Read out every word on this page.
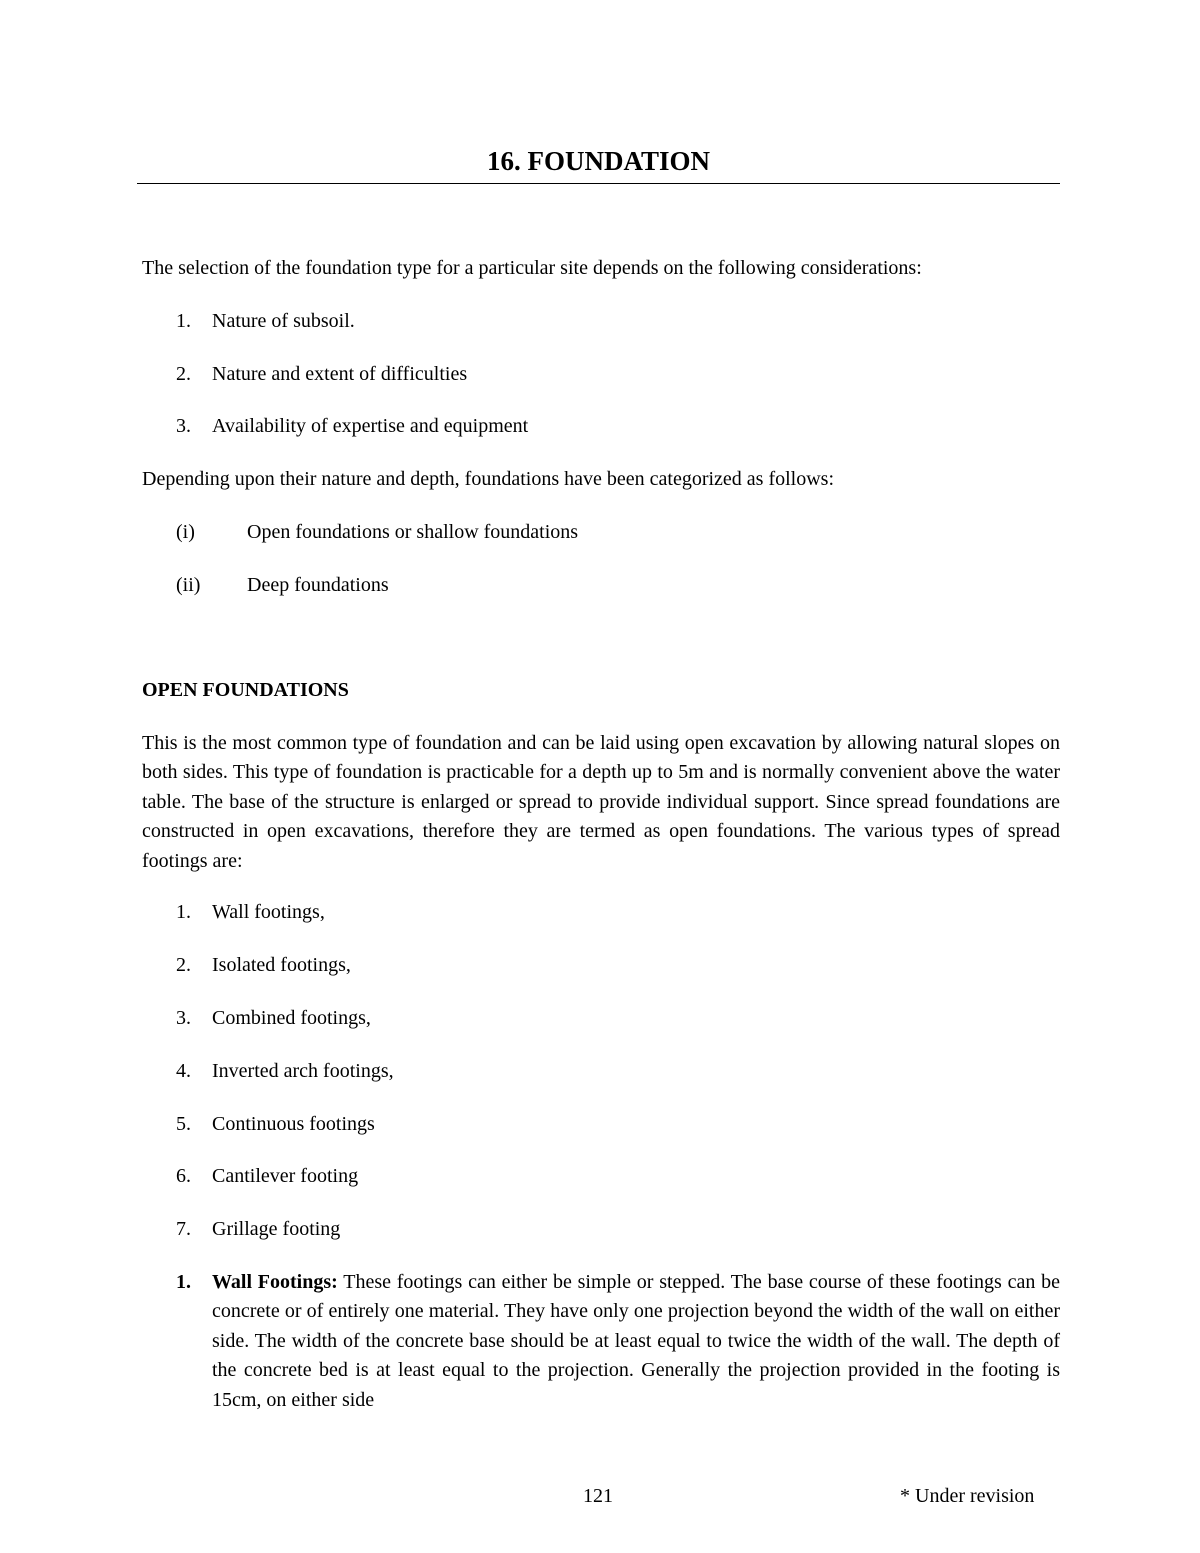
16. FOUNDATION
The selection of the foundation type for a particular site depends on the following considerations:
1. Nature of subsoil.
2. Nature and extent of difficulties
3. Availability of expertise and equipment
Depending upon their nature and depth, foundations have been categorized as follows:
(i)	Open foundations or shallow foundations
(ii) Deep foundations
OPEN FOUNDATIONS
This is the most common type of foundation and can be laid using open excavation by allowing natural slopes on both sides. This type of foundation is practicable for a depth up to 5m and is normally convenient above the water table. The base of the structure is enlarged or spread to provide individual support. Since spread foundations are constructed in open excavations, therefore they are termed as open foundations. The various types of spread footings are:
1. Wall footings,
2. Isolated footings,
3. Combined footings,
4. Inverted arch footings,
5. Continuous footings
6. Cantilever footing
7. Grillage footing
1. Wall Footings: These footings can either be simple or stepped. The base course of these footings can be concrete or of entirely one material. They have only one projection beyond the width of the wall on either side. The width of the concrete base should be at least equal to twice the width of the wall. The depth of the concrete bed is at least equal to the projection. Generally the projection provided in the footing is 15cm, on either side
121	* Under revision
